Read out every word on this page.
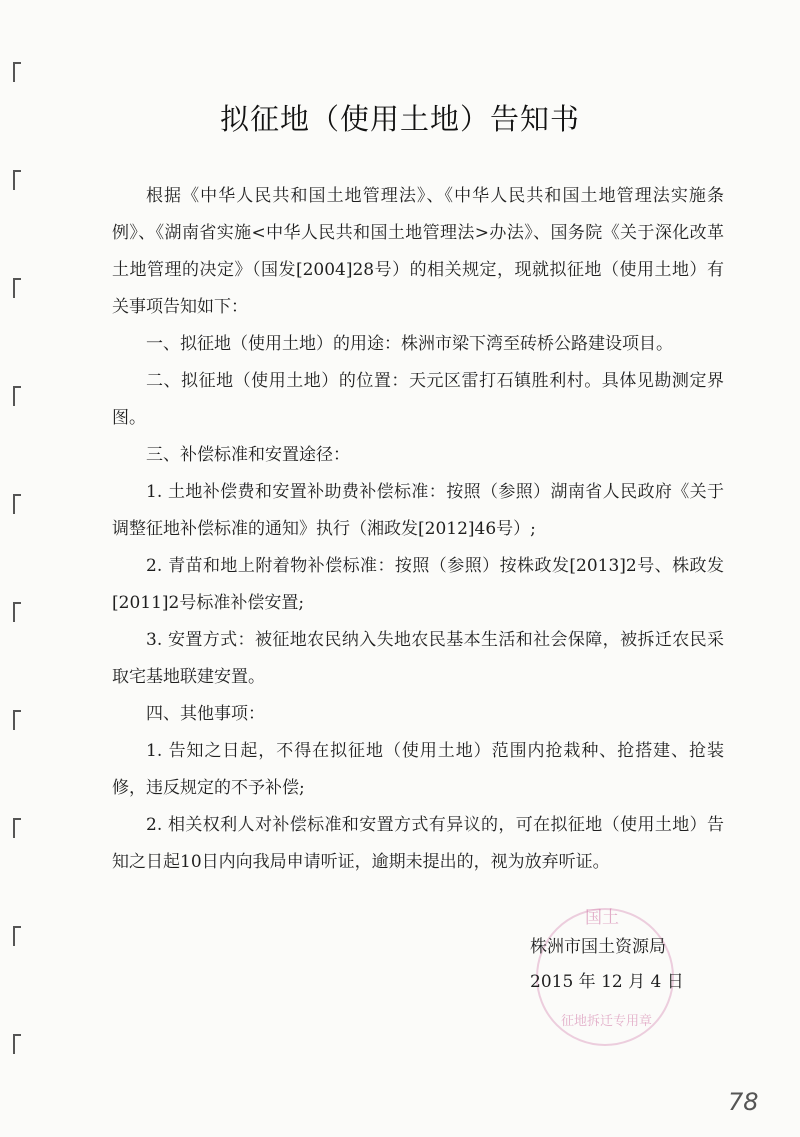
拟征地（使用土地）告知书

根据《中华人民共和国土地管理法》、《中华人民共和国土地管理法实施条例》、《湖南省实施<中华人民共和国土地管理法>办法》、国务院《关于深化改革土地管理的决定》（国发[2004]28号）的相关规定，现就拟征地（使用土地）有关事项告知如下：

一、拟征地（使用土地）的用途：株洲市梁下湾至砖桥公路建设项目。

二、拟征地（使用土地）的位置：天元区雷打石镇胜利村。具体见勘测定界图。

三、补偿标准和安置途径：

1. 土地补偿费和安置补助费补偿标准：按照（参照）湖南省人民政府《关于调整征地补偿标准的通知》执行（湘政发[2012]46号）;

2. 青苗和地上附着物补偿标准：按照（参照）按株政发[2013]2号、株政发[2011]2号标准补偿安置;

3. 安置方式：被征地农民纳入失地农民基本生活和社会保障，被拆迁农民采取宅基地联建安置。

四、其他事项：

1. 告知之日起，不得在拟征地（使用土地）范围内抢栽种、抢搭建、抢装修，违反规定的不予补偿;

2. 相关权利人对补偿标准和安置方式有异议的，可在拟征地（使用土地）告知之日起10日内向我局申请听证，逾期未提出的，视为放弃听证。

国土
征地拆迁专用章
株洲市国土资源局
2015 年 12 月 4 日
78
